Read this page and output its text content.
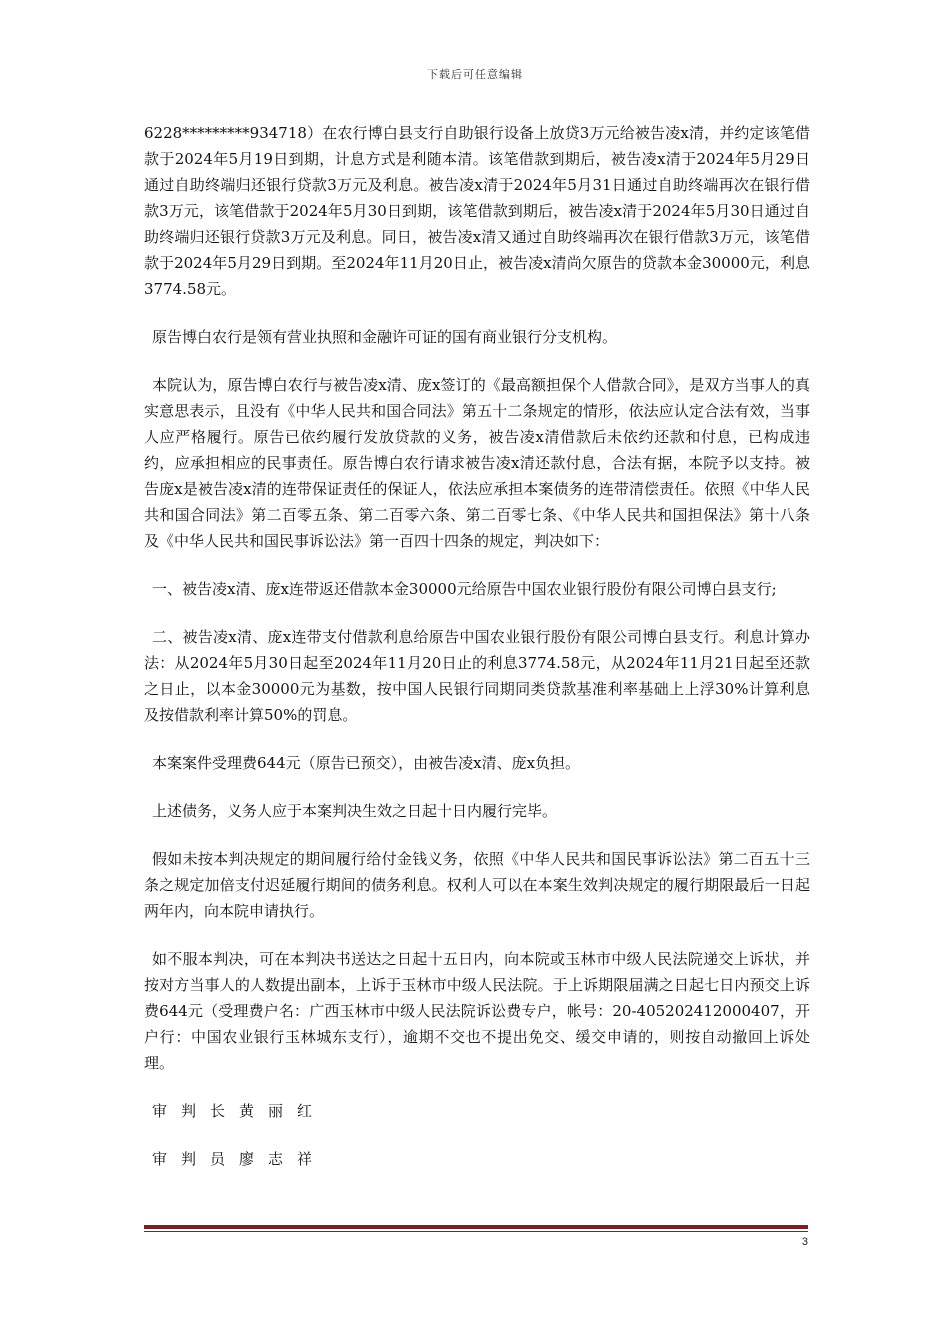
下载后可任意编辑

6228*********934718）在农行博白县支行自助银行设备上放贷3万元给被告凌x清，并约定该笔借款于2024年5月19日到期，计息方式是利随本清。该笔借款到期后，被告凌x清于2024年5月29日通过自助终端归还银行贷款3万元及利息。被告凌x清于2024年5月31日通过自助终端再次在银行借款3万元，该笔借款于2024年5月30日到期，该笔借款到期后，被告凌x清于2024年5月30日通过自助终端归还银行贷款3万元及利息。同日，被告凌x清又通过自助终端再次在银行借款3万元，该笔借款于2024年5月29日到期。至2024年11月20日止，被告凌x清尚欠原告的贷款本金30000元，利息3774.58元。

原告博白农行是领有营业执照和金融许可证的国有商业银行分支机构。

本院认为，原告博白农行与被告凌x清、庞x签订的《最高额担保个人借款合同》，是双方当事人的真实意思表示，且没有《中华人民共和国合同法》第五十二条规定的情形，依法应认定合法有效，当事人应严格履行。原告已依约履行发放贷款的义务，被告凌x清借款后未依约还款和付息，已构成违约，应承担相应的民事责任。原告博白农行请求被告凌x清还款付息，合法有据，本院予以支持。被告庞x是被告凌x清的连带保证责任的保证人，依法应承担本案债务的连带清偿责任。依照《中华人民共和国合同法》第二百零五条、第二百零六条、第二百零七条、《中华人民共和国担保法》第十八条及《中华人民共和国民事诉讼法》第一百四十四条的规定，判决如下：

一、被告凌x清、庞x连带返还借款本金30000元给原告中国农业银行股份有限公司博白县支行;

二、被告凌x清、庞x连带支付借款利息给原告中国农业银行股份有限公司博白县支行。利息计算办法：从2024年5月30日起至2024年11月20日止的利息3774.58元，从2024年11月21日起至还款之日止，以本金30000元为基数，按中国人民银行同期同类贷款基准利率基础上上浮30%计算利息及按借款利率计算50%的罚息。

本案案件受理费644元（原告已预交），由被告凌x清、庞x负担。

上述债务，义务人应于本案判决生效之日起十日内履行完毕。

假如未按本判决规定的期间履行给付金钱义务，依照《中华人民共和国民事诉讼法》第二百五十三条之规定加倍支付迟延履行期间的债务利息。权利人可以在本案生效判决规定的履行期限最后一日起两年内，向本院申请执行。

如不服本判决，可在本判决书送达之日起十五日内，向本院或玉林市中级人民法院递交上诉状，并按对方当事人的人数提出副本，上诉于玉林市中级人民法院。于上诉期限届满之日起七日内预交上诉费644元（受理费户名：广西玉林市中级人民法院诉讼费专户，帐号：20-405202412000407，开户行：中国农业银行玉林城东支行），逾期不交也不提出免交、缓交申请的，则按自动撤回上诉处理。

审判长黄丽红
审判员廖志祥
3
